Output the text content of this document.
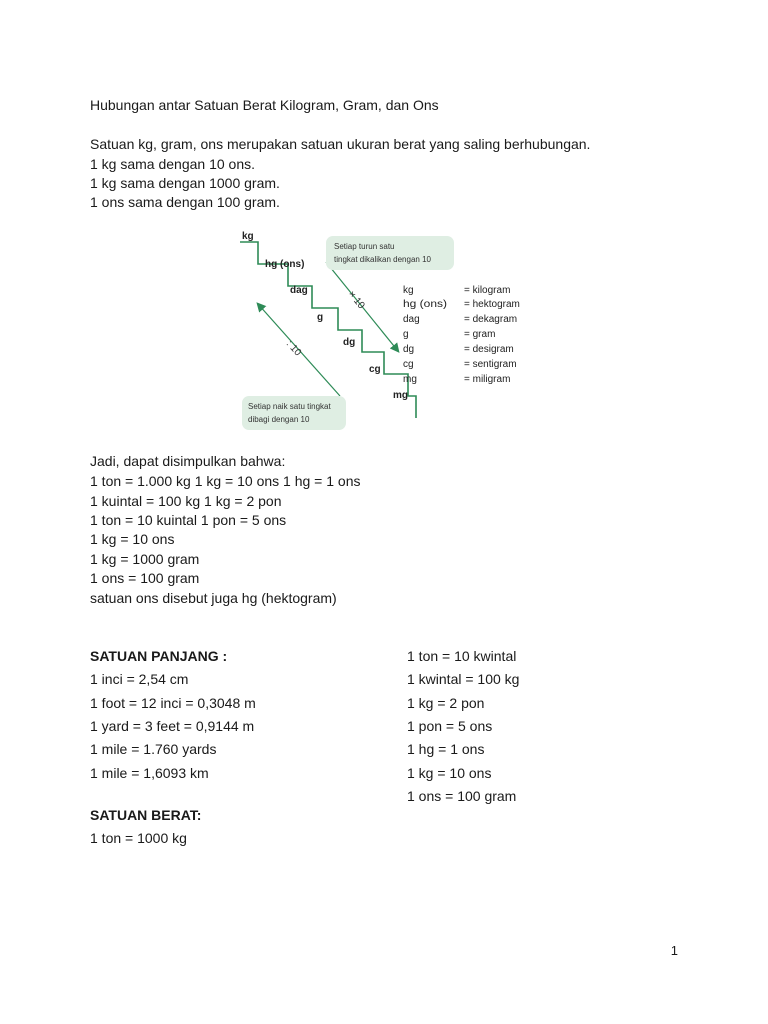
Hubungan antar Satuan Berat Kilogram, Gram, dan Ons
Satuan kg, gram, ons merupakan satuan ukuran berat yang saling berhubungan.
1 kg sama dengan 10 ons.
1 kg sama dengan 1000 gram.
1 ons sama dengan 100 gram.
kg
hg (ons)
dag
g
dg
cg
mg
× 10
: 10
Setiap turun satu
tingkat dikalikan dengan 10
Setiap naik satu tingkat
dibagi dengan 10
kg	= kilogram
hg (ons) = hektogram
dag	= dekagram
g	= gram
dg	= desigram
cg	= sentigram
mg	= miligram
Jadi, dapat disimpulkan bahwa:
1 ton = 1.000 kg 1 kg = 10 ons 1 hg = 1 ons
1 kuintal = 100 kg 1 kg = 2 pon
1 ton = 10 kuintal 1 pon = 5 ons
1 kg = 10 ons
1 kg = 1000 gram
1 ons = 100 gram
satuan ons disebut juga hg (hektogram)
SATUAN PANJANG :
1 inci = 2,54 cm
1 foot = 12 inci = 0,3048 m
1 yard = 3 feet = 0,9144 m
1 mile = 1.760 yards
1 mile = 1,6093 km
SATUAN BERAT:
1 ton = 1000 kg
1 ton = 10 kwintal
1 kwintal = 100 kg
1 kg = 2 pon
1 pon = 5 ons
1 hg = 1 ons
1 kg = 10 ons
1 ons = 100 gram
1
